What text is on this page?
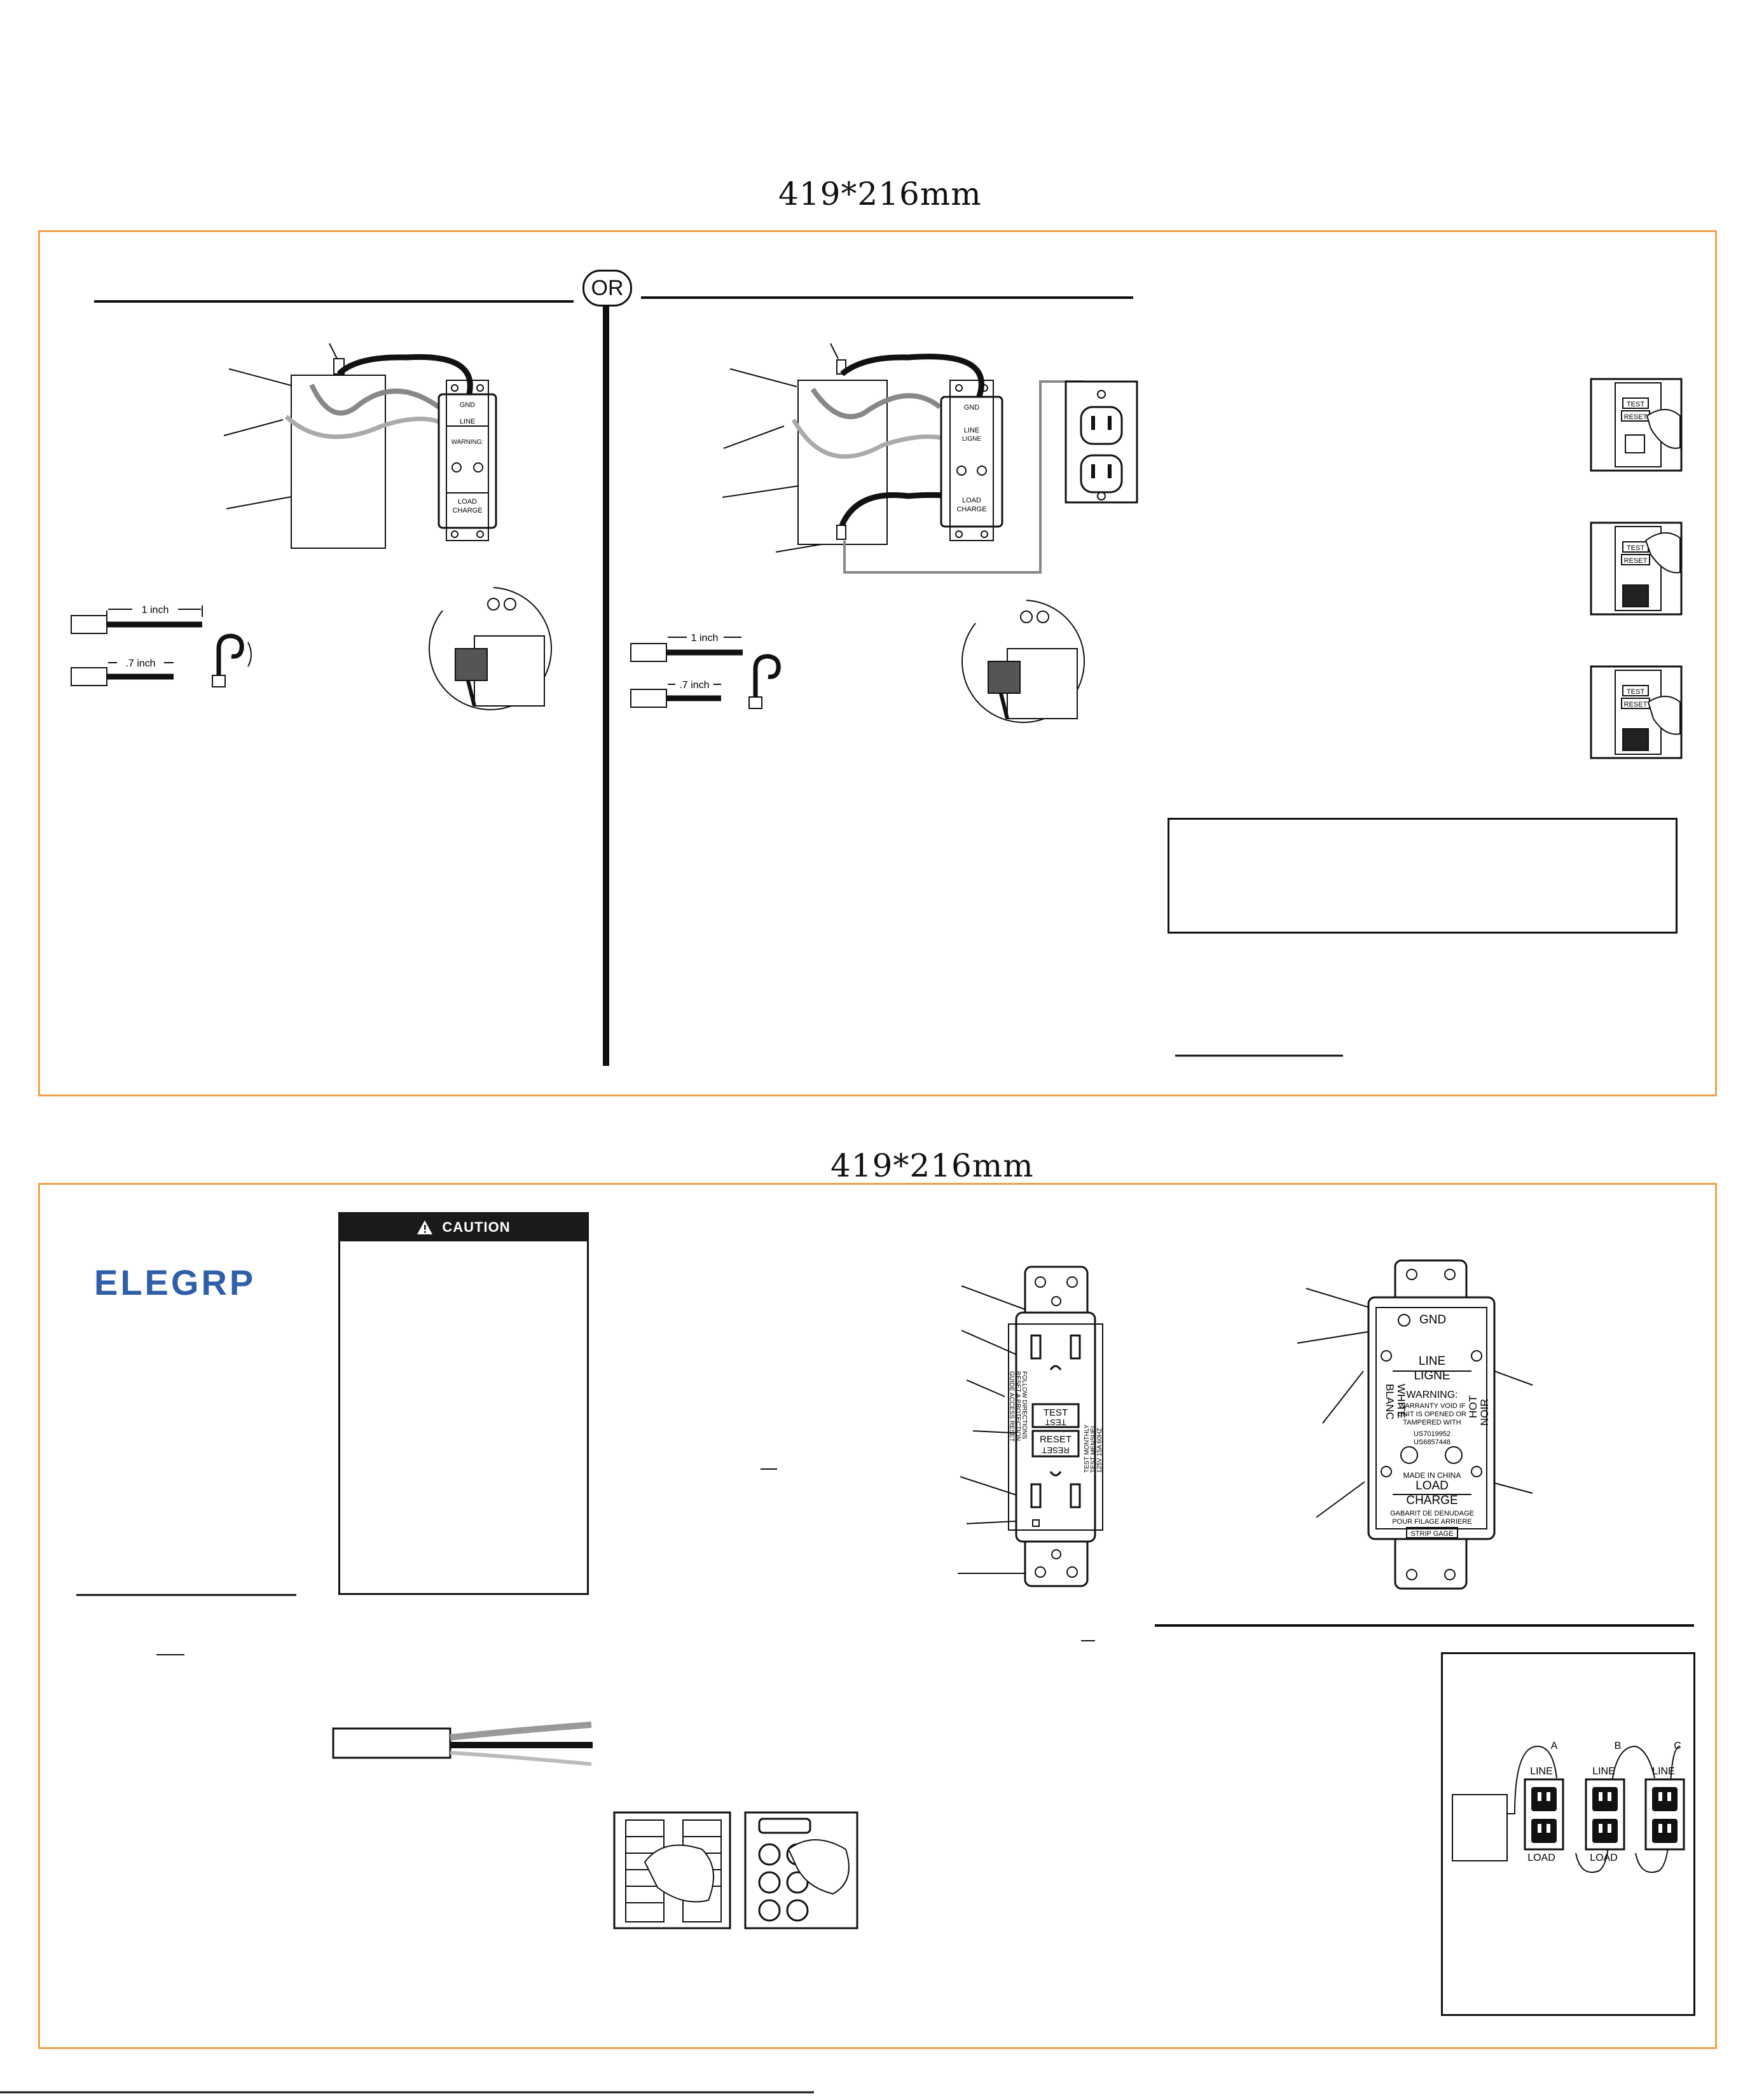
419*216mm
OR
GND
LINE
WARNING:
LOAD
CHARGE
1 inch
.7 inch
GND
LINE
LIGNE
LOAD
CHARGE
1 inch
.7 inch
TEST
RESET
TEST
RESET
TEST
RESET
419*216mm
ELEGRP
CAUTION
TEST
TEST
RESET
RESET
FOLLOW DIRECTIONS
RESET A PROTECTION
GUIDE ACCESS RESET
TEST MONTHLY TEST MENSUEL 125V 15A 60HZ
GND
LINE
LIGNE
WARNING:
WARRANTY VOID IF
UNIT IS OPENED OR
TAMPERED WITH
US7019952
US6857448
WHITE
BLANC	HOT NOIR
MADE IN CHINA
LOAD
CHARGE
GABARIT DE DENUDAGE
POUR FILAGE ARRIERE
STRIP GAGE
A	B	C
LINE
LOAD
LINE
LOAD
LINE
